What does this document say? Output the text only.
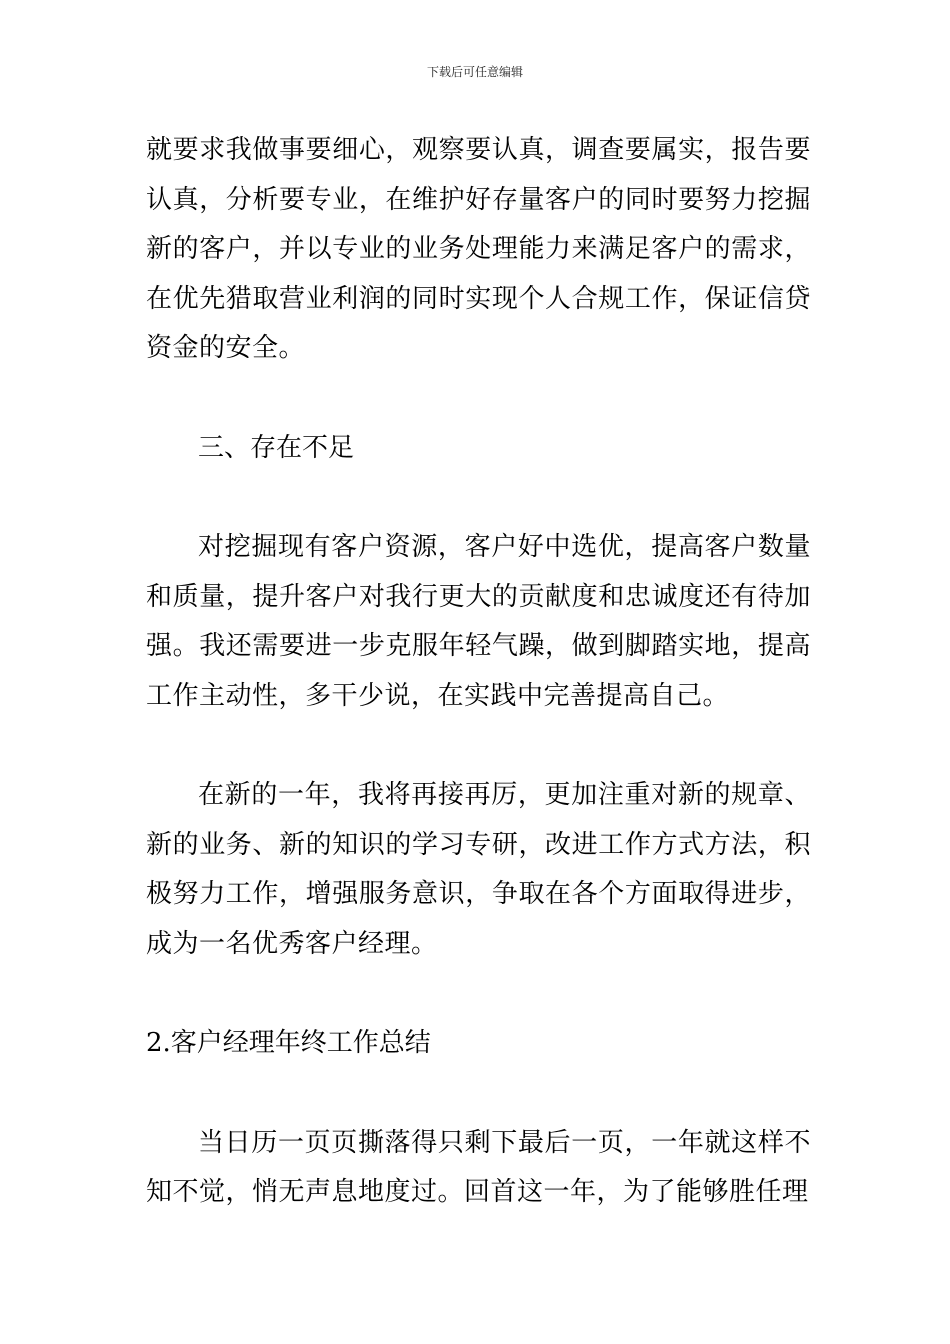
下载后可任意编辑

就要求我做事要细心，观察要认真，调查要属实，报告要认真，分析要专业，在维护好存量客户的同时要努力挖掘新的客户，并以专业的业务处理能力来满足客户的需求，在优先猎取营业利润的同时实现个人合规工作，保证信贷资金的安全。

三、存在不足

对挖掘现有客户资源，客户好中选优，提高客户数量和质量，提升客户对我行更大的贡献度和忠诚度还有待加强。我还需要进一步克服年轻气躁，做到脚踏实地，提高工作主动性，多干少说，在实践中完善提高自己。

在新的一年，我将再接再厉，更加注重对新的规章、新的业务、新的知识的学习专研，改进工作方式方法，积极努力工作，增强服务意识，争取在各个方面取得进步，成为一名优秀客户经理。

2.客户经理年终工作总结

当日历一页页撕落得只剩下最后一页，一年就这样不知不觉，悄无声息地度过。回首这一年，为了能够胜任理
